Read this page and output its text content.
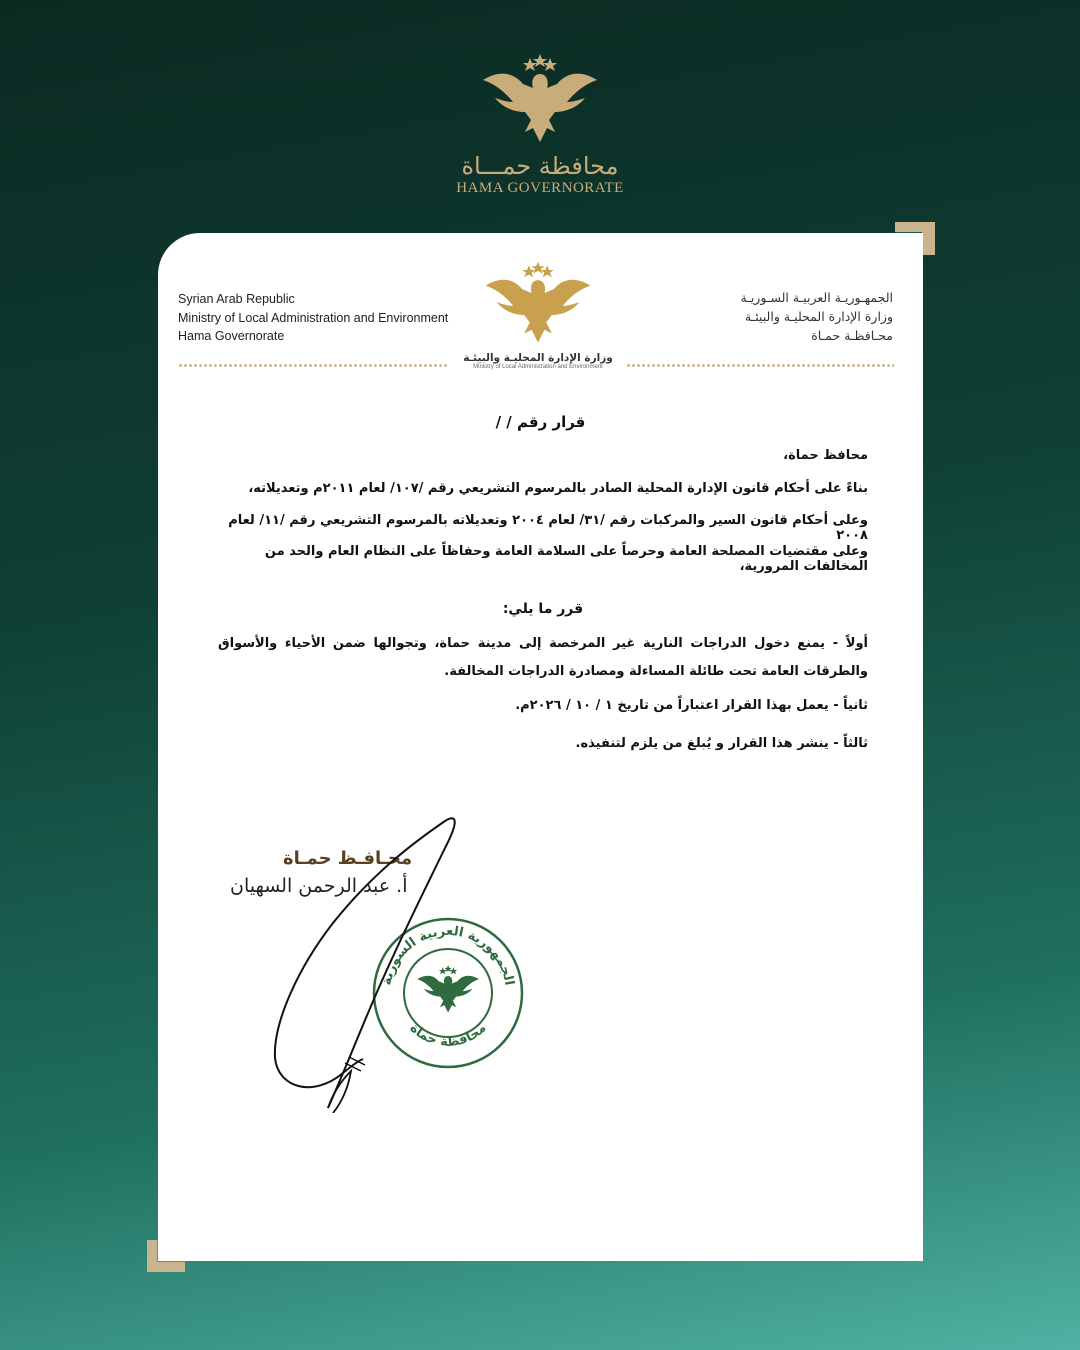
محافظة حمـــاة
HAMA GOVERNORATE
Syrian Arab Republic
Ministry of Local Administration and Environment
Hama Governorate
وزارة الإدارة المحليـة والبيئـة
Ministry of Local Administration and Environment
الجمهـوريـة العربيـة السـوريـة
وزارة الإدارة المحليـة والبيئـة
محـافظـة حمـاة
قرار رقم / /
محافظ حماة،
بناءً على أحكام قانون الإدارة المحلية الصادر بالمرسوم التشريعي رقم /١٠٧/ لعام ٢٠١١م وتعديلاته،
وعلى أحكام قانون السير والمركبات رقم /٣١/ لعام ٢٠٠٤ وتعديلاته بالمرسوم التشريعي رقم /١١/ لعام ٢٠٠٨
وعلى مقتضيات المصلحة العامة وحرصاً على السلامة العامة وحفاظاً على النظام العام والحد من المخالفات المرورية،
قرر ما يلي:
أولاً - يمنع دخول الدراجات النارية غير المرخصة إلى مدينة حماة، وتجوالها ضمن الأحياء والأسواق والطرقات العامة تحت طائلة المساءلة ومصادرة الدراجات المخالفة.
ثانياً - يعمل بهذا القرار اعتباراً من تاريخ ١ / ١٠ / ٢٠٢٦م.
ثالثاً - ينشر هذا القرار و يُبلغ من يلزم لتنفيذه.
الجمهورية العربية السورية
محافظة حماة
محـافـظ حمـاة
أ. عبد الرحمن السهيان
